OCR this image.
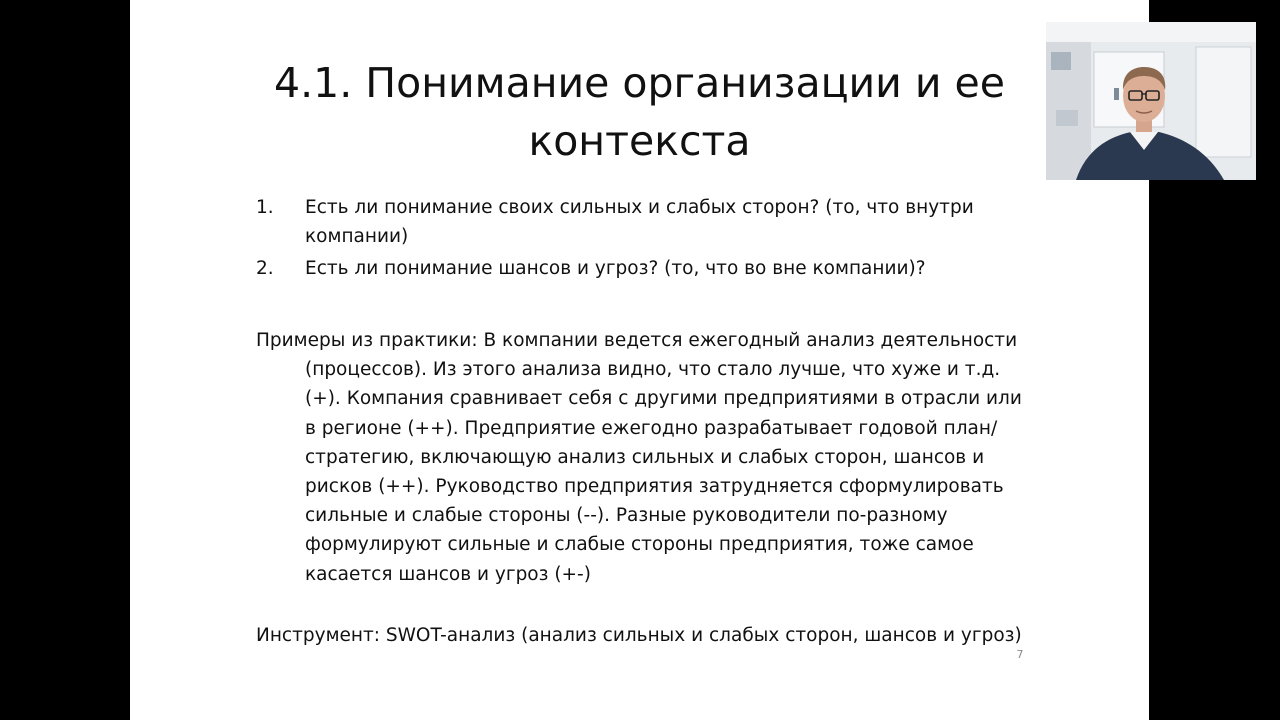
4.1. Понимание организации и ее
контекста
1.	Есть ли понимание своих сильных и слабых сторон? (то, что внутри компании)
2.	Есть ли понимание шансов и угроз? (то, что во вне компании)?

Примеры из практики: В компании ведется ежегодный анализ деятельности (процессов). Из этого анализа видно, что стало лучше, что хуже и т.д. (+). Компания сравнивает себя с другими предприятиями в отрасли или в регионе (++). Предприятие ежегодно разрабатывает годовой план/стратегию, включающую анализ сильных и слабых сторон, шансов и рисков (++). Руководство предприятия затрудняется сформулировать сильные и слабые стороны (--). Разные руководители по-разному формулируют сильные и слабые стороны предприятия, тоже самое касается шансов и угроз (+-)

Инструмент: SWOT-анализ (анализ сильных и слабых сторон, шансов и угроз)

7
